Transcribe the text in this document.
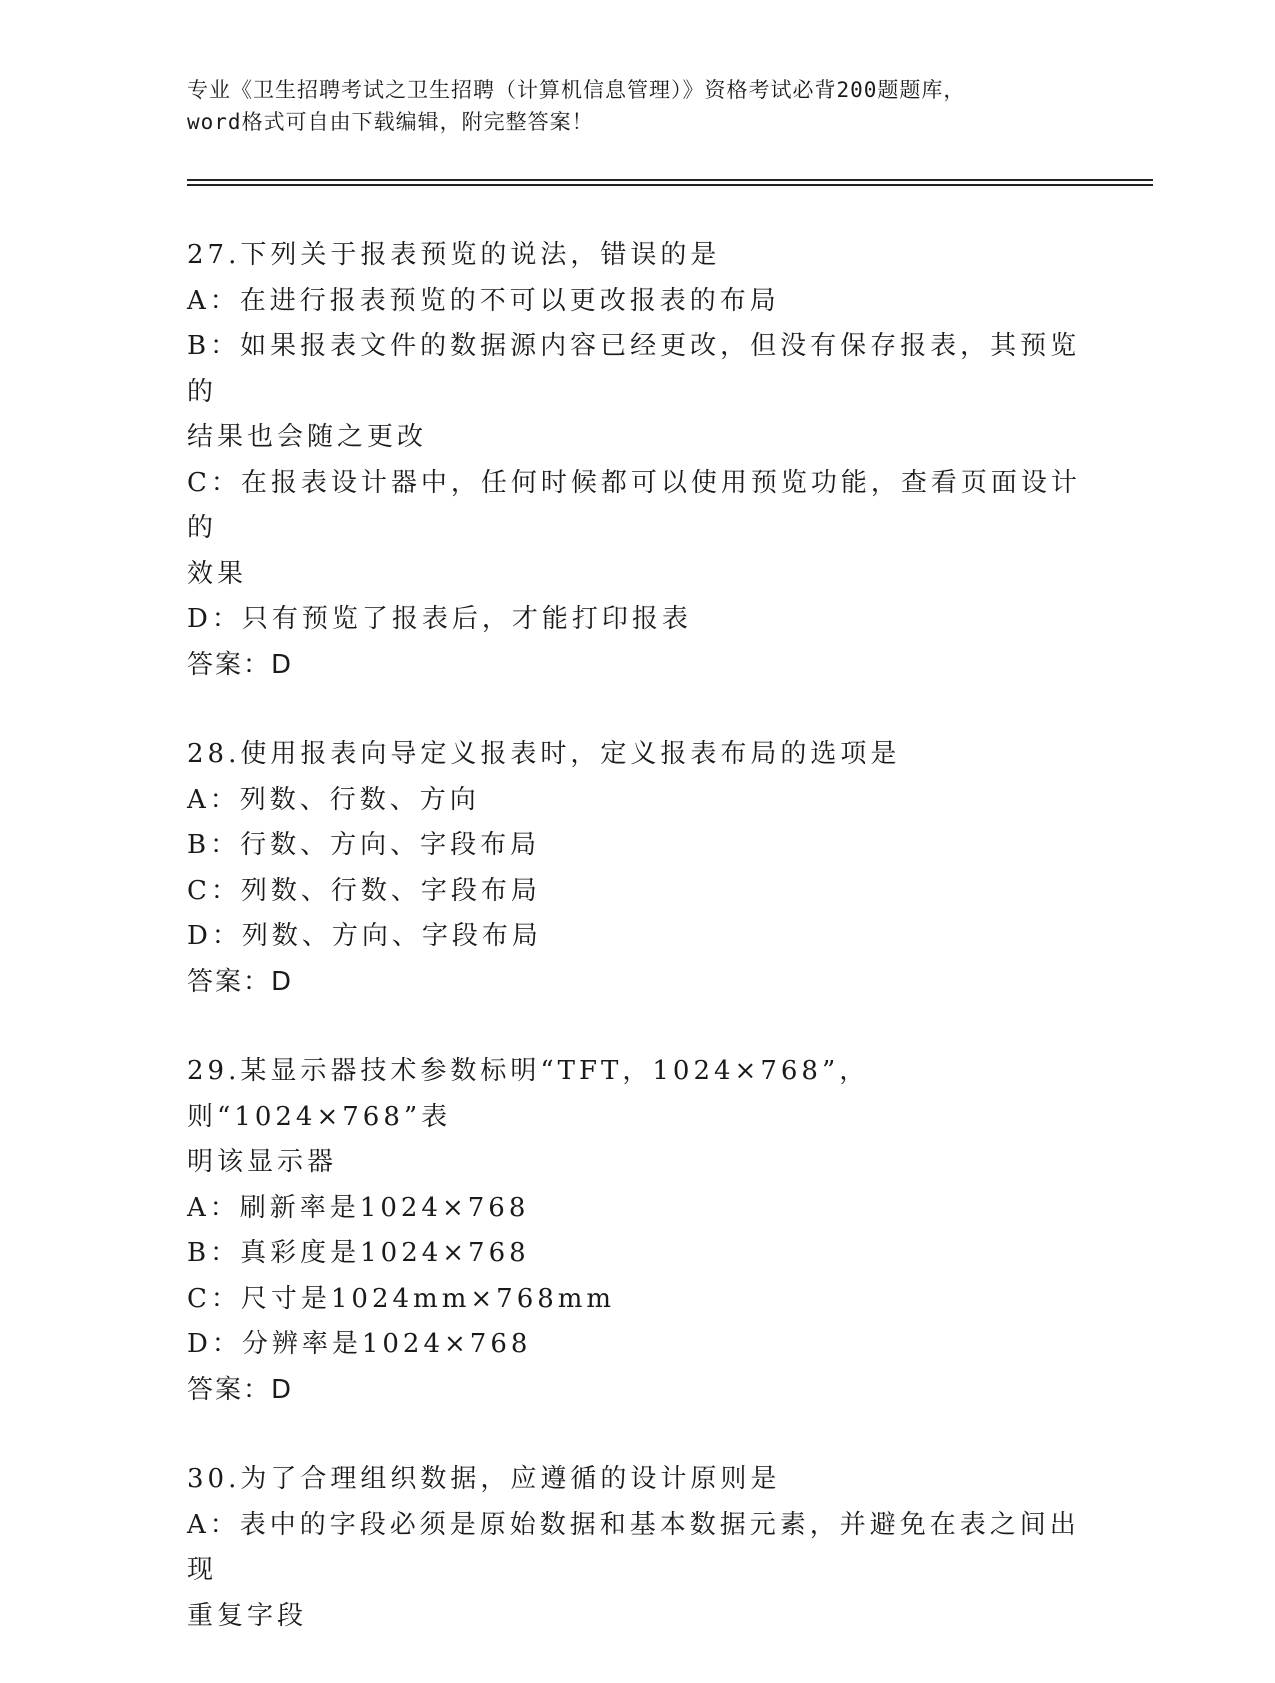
专业《卫生招聘考试之卫生招聘（计算机信息管理）》资格考试必背200题题库，
word格式可自由下载编辑，附完整答案！
27.下列关于报表预览的说法，错误的是
A：在进行报表预览的不可以更改报表的布局
B：如果报表文件的数据源内容已经更改，但没有保存报表，其预览的
结果也会随之更改
C：在报表设计器中，任何时候都可以使用预览功能，查看页面设计的
效果
D：只有预览了报表后，才能打印报表
答案：D
28.使用报表向导定义报表时，定义报表布局的选项是
A：列数、行数、方向
B：行数、方向、字段布局
C：列数、行数、字段布局
D：列数、方向、字段布局
答案：D
29.某显示器技术参数标明“TFT，1024×768”，则“1024×768”表
明该显示器
A：刷新率是1024×768
B：真彩度是1024×768
C：尺寸是1024mm×768mm
D：分辨率是1024×768
答案：D
30.为了合理组织数据，应遵循的设计原则是
A：表中的字段必须是原始数据和基本数据元素，并避免在表之间出现
重复字段
